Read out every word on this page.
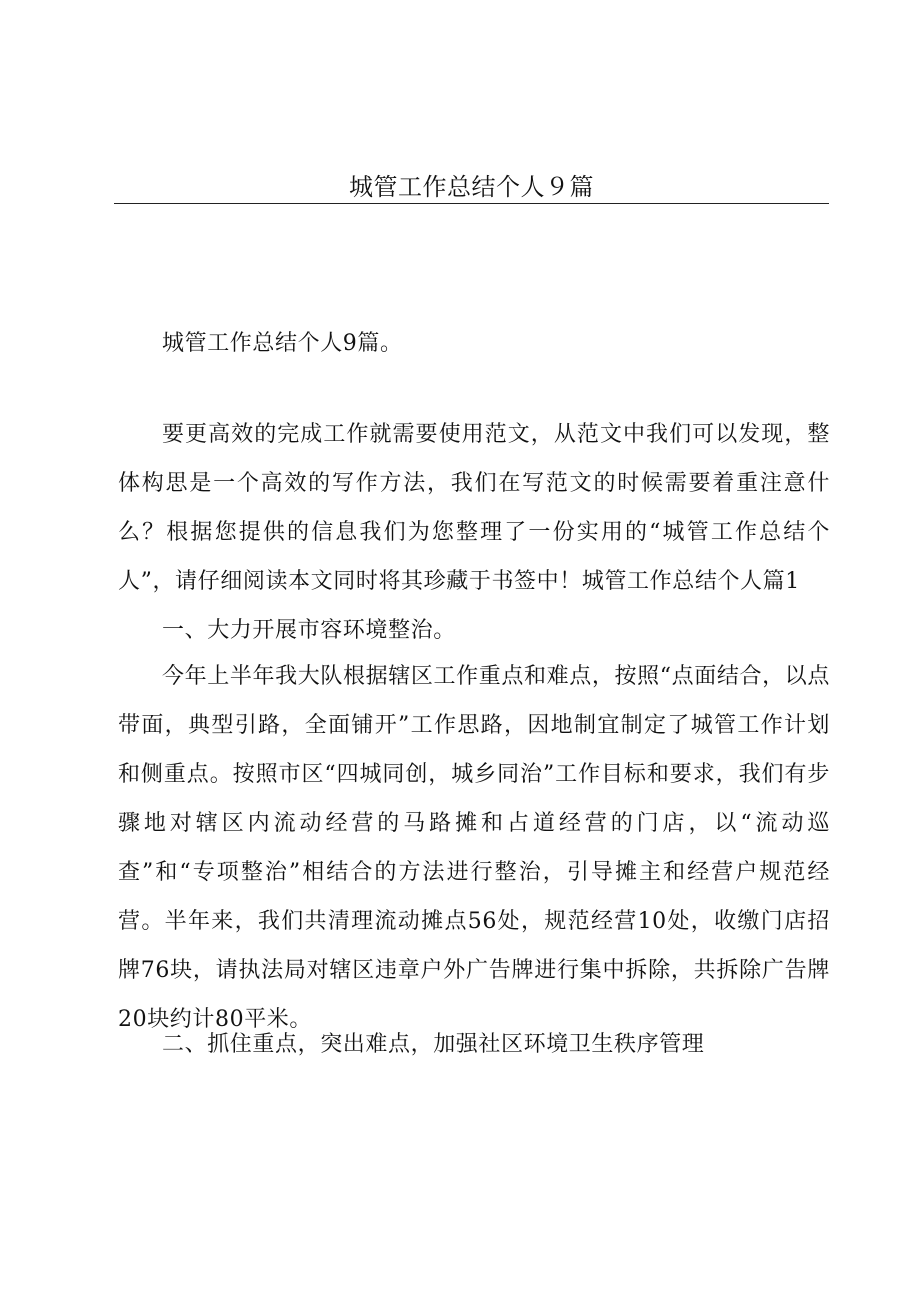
城管工作总结个人９篇

城管工作总结个人9篇。

要更高效的完成工作就需要使用范文，从范文中我们可以发现，整体构思是一个高效的写作方法，我们在写范文的时候需要着重注意什么？根据您提供的信息我们为您整理了一份实用的“城管工作总结个人”，请仔细阅读本文同时将其珍藏于书签中！城管工作总结个人篇1

一、大力开展市容环境整治。

今年上半年我大队根据辖区工作重点和难点，按照“点面结合，以点带面，典型引路，全面铺开”工作思路，因地制宜制定了城管工作计划和侧重点。按照市区“四城同创，城乡同治”工作目标和要求，我们有步骤地对辖区内流动经营的马路摊和占道经营的门店，以“流动巡查”和“专项整治”相结合的方法进行整治，引导摊主和经营户规范经营。半年来，我们共清理流动摊点56处，规范经营10处，收缴门店招牌76块，请执法局对辖区违章户外广告牌进行集中拆除，共拆除广告牌20块约计80平米。

二、抓住重点，突出难点，加强社区环境卫生秩序管理
